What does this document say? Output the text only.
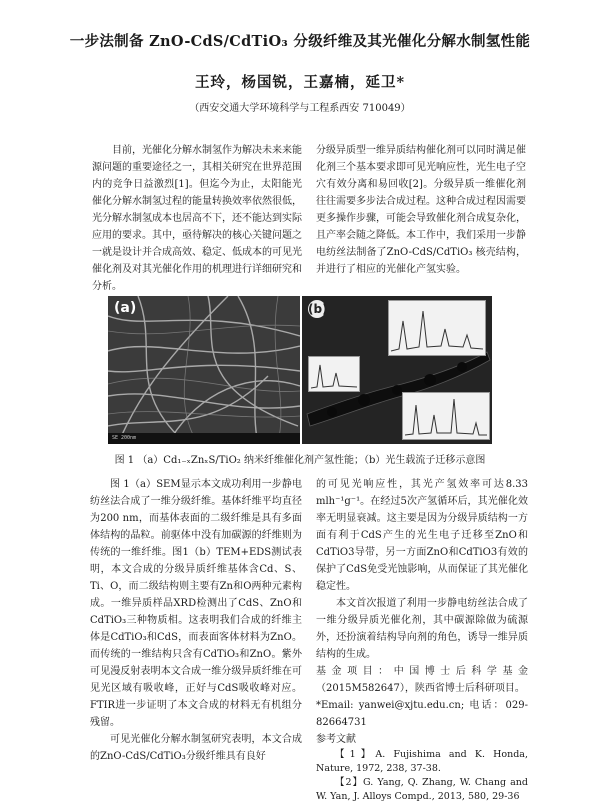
一步法制备 ZnO-CdS/CdTiO₃ 分级纤维及其光催化分解水制氢性能
王玲，杨国锐，王嘉楠，延卫*
（西安交通大学环境科学与工程系西安 710049）

目前，光催化分解水制氢作为解决未来来能源问题的重要途径之一，其相关研究在世界范围内的竞争日益激烈[1]。但迄今为止，太阳能光催化分解水制氢过程的能量转换效率依然很低，光分解水制氢成本也居高不下，还不能达到实际应用的要求。其中，亟待解决的核心关键问题之一就是设计并合成高效、稳定、低成本的可见光催化剂及对其光催化作用的机理进行详细研究和分析。

分级异质型一维异质结构催化剂可以同时满足催化剂三个基本要求即可见光响应性，光生电子空穴有效分离和易回收[2]。分级异质一维催化剂往往需要多步法合成过程。这种合成过程因需要更多操作步骤，可能会导致催化剂合成复杂化，且产率会随之降低。本工作中，我们采用一步静电纺丝法制备了ZnO-CdS/CdTiO₃ 核壳结构，并进行了相应的光催化产氢实验。

(a)
SE 200nm
(b)
图 1 （a）Cd₁₋ₓZnₓS/TiO₂ 纳米纤维催化剂产氢性能；（b）光生载流子迁移示意图

图 1（a）SEM显示本文成功利用一步静电纺丝法合成了一维分级纤维。基体纤维平均直径为200 nm，而基体表面的二级纤维是具有多面体结构的晶粒。前驱体中没有加碳源的纤维则为传统的一维纤维。图1（b）TEM+EDS测试表明，本文合成的分级异质纤维基体含Cd、S、Ti、O，而二级结构则主要有Zn和O两种元素构成。一维异质样品XRD检测出了CdS、ZnO和CdTiO₃三种物质相。这表明我们合成的纤维主体是CdTiO₃和CdS，而表面客体材料为ZnO。而传统的一维结构只含有CdTiO₃和ZnO。紫外可见漫反射表明本文合成一维分级异质纤维在可见光区域有吸收峰，正好与CdS吸收峰对应。FTIR进一步证明了本文合成的材料无有机组分残留。

可见光催化分解水制氢研究表明，本文合成的ZnO-CdS/CdTiO₃分级纤维具有良好

的可见光响应性，其光产氢效率可达8.33 mlh⁻¹g⁻¹。在经过5次产氢循环后，其光催化效率无明显衰减。这主要是因为分级异质结构一方面有利于CdS产生的光生电子迁移至ZnO和CdTiO3导带，另一方面ZnO和CdTiO3有效的保护了CdS免受光蚀影响，从而保证了其光催化稳定性。

本文首次报道了利用一步静电纺丝法合成了一维分级异质光催化剂，其中碳源除做为硫源外，还扮演着结构导向剂的角色，诱导一维异质结构的生成。

基 金 项 目 ： 中 国 博 士 后 科 学 基 金（2015M582647），陕西省博士后科研项目。

*Email: yanwei@xjtu.edu.cn; 电话：029-82664731

参考文献

【1】A. Fujishima and K. Honda, Nature, 1972, 238, 37-38.

【2】G. Yang, Q. Zhang, W. Chang and W. Yan, J. Alloys Compd., 2013, 580, 29-36
